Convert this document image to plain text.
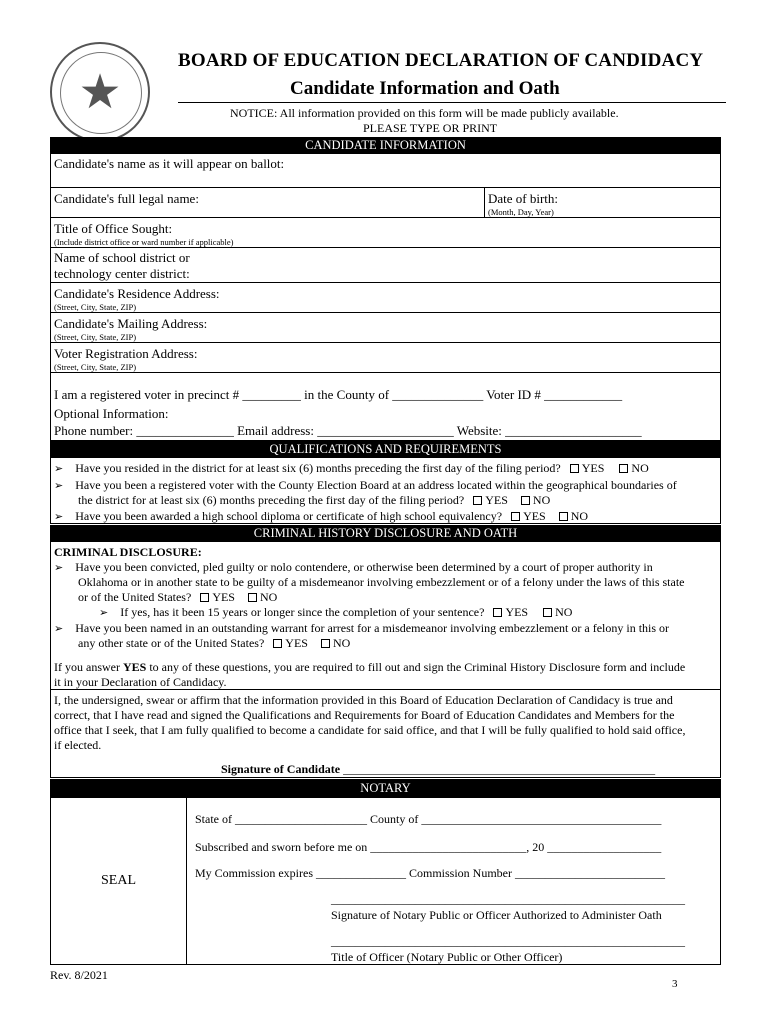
★
BOARD OF EDUCATION DECLARATION OF CANDIDACY
Candidate Information and Oath
NOTICE: All information provided on this form will be made publicly available.
PLEASE TYPE OR PRINT
CANDIDATE INFORMATION
Candidate's name as it will appear on ballot:
Candidate's full legal name:	Date of birth:
(Month, Day, Year)
Title of Office Sought:
(Include district office or ward number if applicable)
Name of school district or
technology center district:
Candidate's Residence Address:
(Street, City, State, ZIP)
Candidate's Mailing Address:
(Street, City, State, ZIP)
Voter Registration Address:
(Street, City, State, ZIP)
I am a registered voter in precinct # _________ in the County of ______________ Voter ID # ____________
Optional Information:
Phone number: _______________ Email address: _____________________ Website: _____________________
QUALIFICATIONS AND REQUIREMENTS
➢ Have you resided in the district for at least six (6) months preceding the first day of the filing period? YES NO
➢ Have you been a registered voter with the County Election Board at an address located within the geographical boundaries of
the district for at least six (6) months preceding the first day of the filing period? YES NO
➢ Have you been awarded a high school diploma or certificate of high school equivalency? YES NO
CRIMINAL HISTORY DISCLOSURE AND OATH
CRIMINAL DISCLOSURE:
➢ Have you been convicted, pled guilty or nolo contendere, or otherwise been determined by a court of proper authority in
Oklahoma or in another state to be guilty of a misdemeanor involving embezzlement or of a felony under the laws of this state
or of the United States? YES NO
➢ If yes, has it been 15 years or longer since the completion of your sentence? YES NO
➢ Have you been named in an outstanding warrant for arrest for a misdemeanor involving embezzlement or a felony in this or
any other state or of the United States? YES NO
If you answer YES to any of these questions, you are required to fill out and sign the Criminal History Disclosure form and include
it in your Declaration of Candidacy.
I, the undersigned, swear or affirm that the information provided in this Board of Education Declaration of Candidacy is true and
correct, that I have read and signed the Qualifications and Requirements for Board of Education Candidates and Members for the
office that I seek, that I am fully qualified to become a candidate for said office, and that I will be fully qualified to hold said office,
if elected.
Signature of Candidate ____________________________________________________
NOTARY
SEAL
State of ______________________ County of ________________________________________
Subscribed and sworn before me on __________________________, 20 ___________________
My Commission expires _______________ Commission Number _________________________
___________________________________________________________
Signature of Notary Public or Officer Authorized to Administer Oath
___________________________________________________________
Title of Officer (Notary Public or Other Officer)
Rev. 8/2021
3
